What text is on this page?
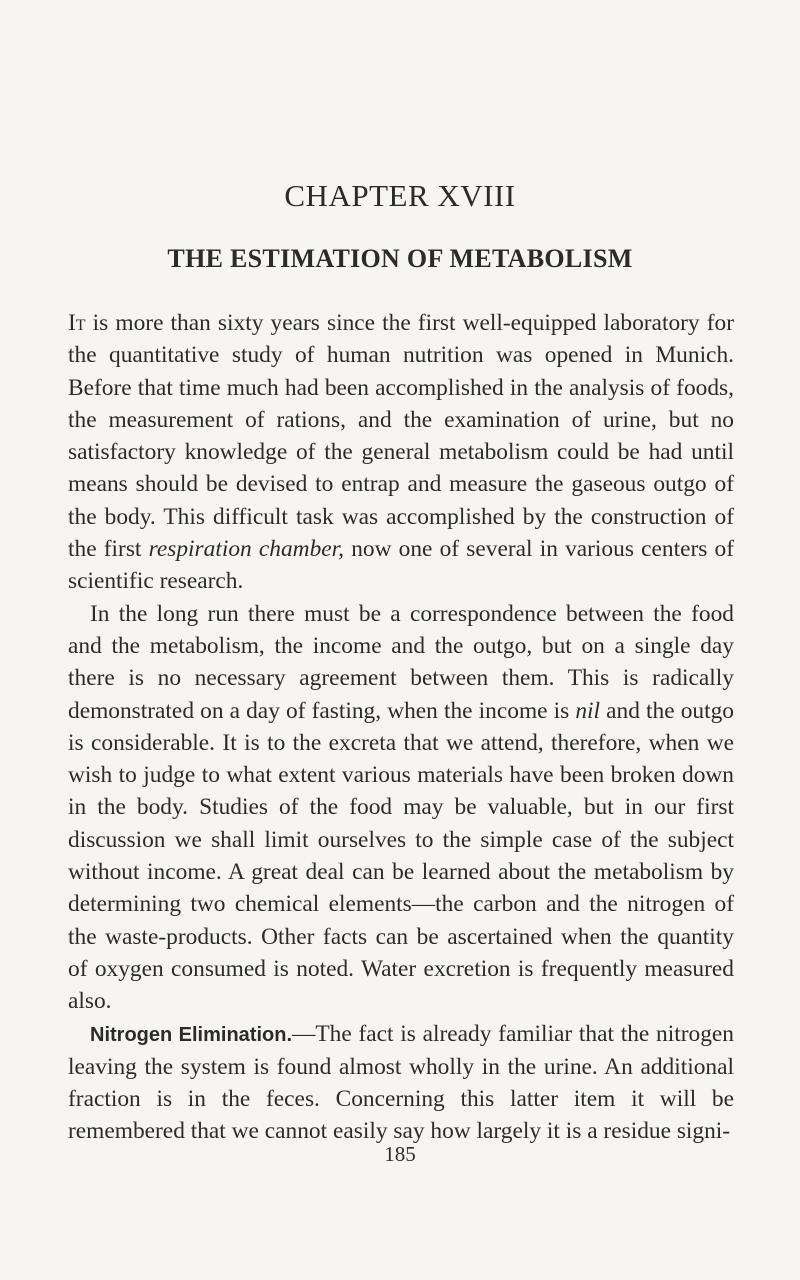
CHAPTER XVIII
THE ESTIMATION OF METABOLISM

It is more than sixty years since the first well-equipped laboratory for the quantitative study of human nutrition was opened in Munich. Before that time much had been accomplished in the analysis of foods, the measurement of rations, and the examination of urine, but no satisfactory knowledge of the general metabolism could be had until means should be devised to entrap and measure the gaseous outgo of the body. This difficult task was accomplished by the construction of the first respiration chamber, now one of several in various centers of scientific research.

In the long run there must be a correspondence between the food and the metabolism, the income and the outgo, but on a single day there is no necessary agreement between them. This is radically demonstrated on a day of fasting, when the income is nil and the outgo is considerable. It is to the excreta that we attend, therefore, when we wish to judge to what extent various materials have been broken down in the body. Studies of the food may be valuable, but in our first discussion we shall limit ourselves to the simple case of the subject without income. A great deal can be learned about the metabolism by determining two chemical elements—the carbon and the nitrogen of the waste-products. Other facts can be ascertained when the quantity of oxygen consumed is noted. Water excretion is frequently measured also.

Nitrogen Elimination.—The fact is already familiar that the nitrogen leaving the system is found almost wholly in the urine. An additional fraction is in the feces. Concerning this latter item it will be remembered that we cannot easily say how largely it is a residue signi-

185
